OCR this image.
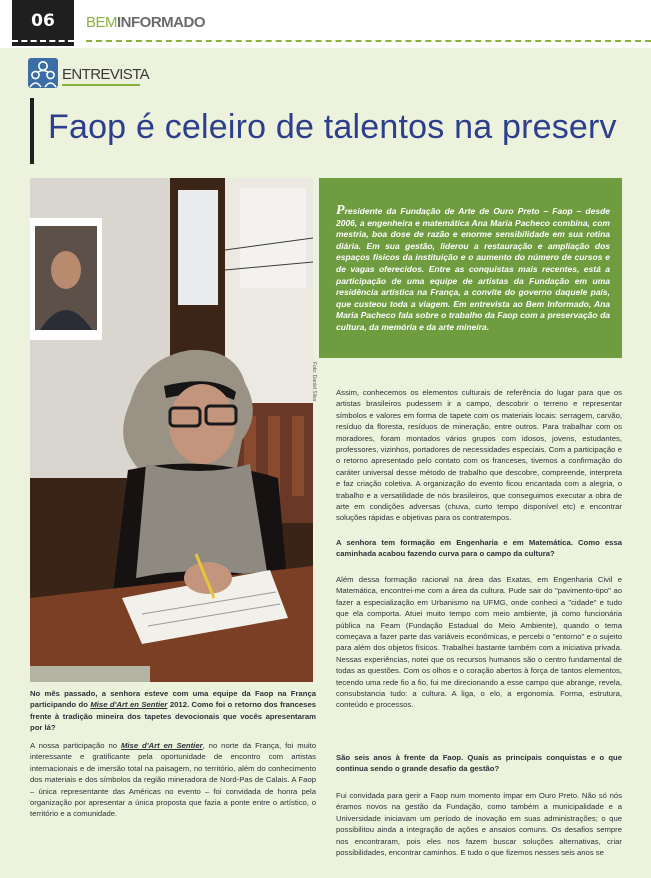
06	BEMINFORMADO
ENTREVISTA
Faop é celeiro de talentos na preserv
Foto: Daniel Silva

Presidente da Fundação de Arte de Ouro Preto – Faop – desde 2006, a engenheira e matemática Ana Maria Pacheco combina, com mestria, boa dose de razão e enorme sensibilidade em sua rotina diária. Em sua gestão, liderou a restauração e ampliação dos espaços físicos da instituição e o aumento do número de cursos e de vagas oferecidos. Entre as conquistas mais recentes, está a participação de uma equipe de artistas da Fundação em uma residência artística na França, a convite do governo daquele país, que custeou toda a viagem. Em entrevista ao Bem Informado, Ana Maria Pacheco fala sobre o trabalho da Faop com a preservação da cultura, da memória e da arte mineira.

Assim, conhecemos os elementos culturais de referência do lugar para que os artistas brasileiros pudessem ir a campo, descobrir o terreno e representar símbolos e valores em forma de tapete com os materiais locais: serragem, carvão, resíduo da floresta, resíduos de mineração, entre outros. Para trabalhar com os moradores, foram montados vários grupos com idosos, jovens, estudantes, professores, vizinhos, portadores de necessidades especiais. Com a participação e o retorno apresentado pelo contato com os franceses, tivemos a confirmação do caráter universal desse método de trabalho que descobre, compreende, interpreta e faz criação coletiva. A organização do evento ficou encantada com a alegria, o trabalho e a versatilidade de nós brasileiros, que conseguimos executar a obra de arte em condições adversas (chuva, curto tempo disponível etc) e encontrar soluções rápidas e objetivas para os contratempos.

A senhora tem formação em Engenharia e em Matemática. Como essa caminhada acabou fazendo curva para o campo da cultura?

Além dessa formação racional na área das Exatas, em Engenharia Civil e Matemática, encontrei-me com a área da cultura. Pude sair do "pavimento-tipo" ao fazer a especialização em Urbanismo na UFMG, onde conheci a "cidade" e tudo que ela comporta. Atuei muito tempo com meio ambiente, já como funcionária pública na Feam (Fundação Estadual do Meio Ambiente), quando o tema começava a fazer parte das variáveis econômicas, e percebi o "entorno" e o sujeito para além dos objetos físicos. Trabalhei bastante também com a iniciativa privada. Nessas experiências, notei que os recursos humanos são o centro fundamental de todas as questões. Com os olhos e o coração abertos à força de tantos elementos, tecendo uma rede fio a fio, fui me direcionando a esse campo que abrange, revela, consubstancia tudo: a cultura. A liga, o elo, a ergonomia. Forma, estrutura, conteúdo e processos.

São seis anos à frente da Faop. Quais as principais conquistas e o que continua sendo o grande desafio da gestão?

Fui convidada para gerir a Faop num momento ímpar em Ouro Preto. Não só nós éramos novos na gestão da Fundação, como também a municipalidade e a Universidade iniciavam um período de inovação em suas administrações; o que possibilitou ainda a integração de ações e ansaios comuns. Os desafios sempre nos encontraram, pois eles nos fazem buscar soluções alternativas, criar possibilidades, encontrar caminhos. E tudo o que fizemos nesses seis anos se

No mês passado, a senhora esteve com uma equipe da Faop na França participando do Mise d'Art en Sentier 2012. Como foi o retorno dos franceses frente à tradição mineira dos tapetes devocionais que vocês apresentaram por lá?

A nossa participação no Mise d'Art en Sentier, no norte da França, foi muito interessante e gratificante pela oportunidade de encontro com artistas internacionais e de imersão total na paisagem, no território, além do conhecimento dos materiais e dos símbolos da região mineradora de Nord-Pas de Calais. A Faop – única representante das Américas no evento – foi convidada de honra pela organização por apresentar a única proposta que fazia a ponte entre o artístico, o território e a comunidade.
